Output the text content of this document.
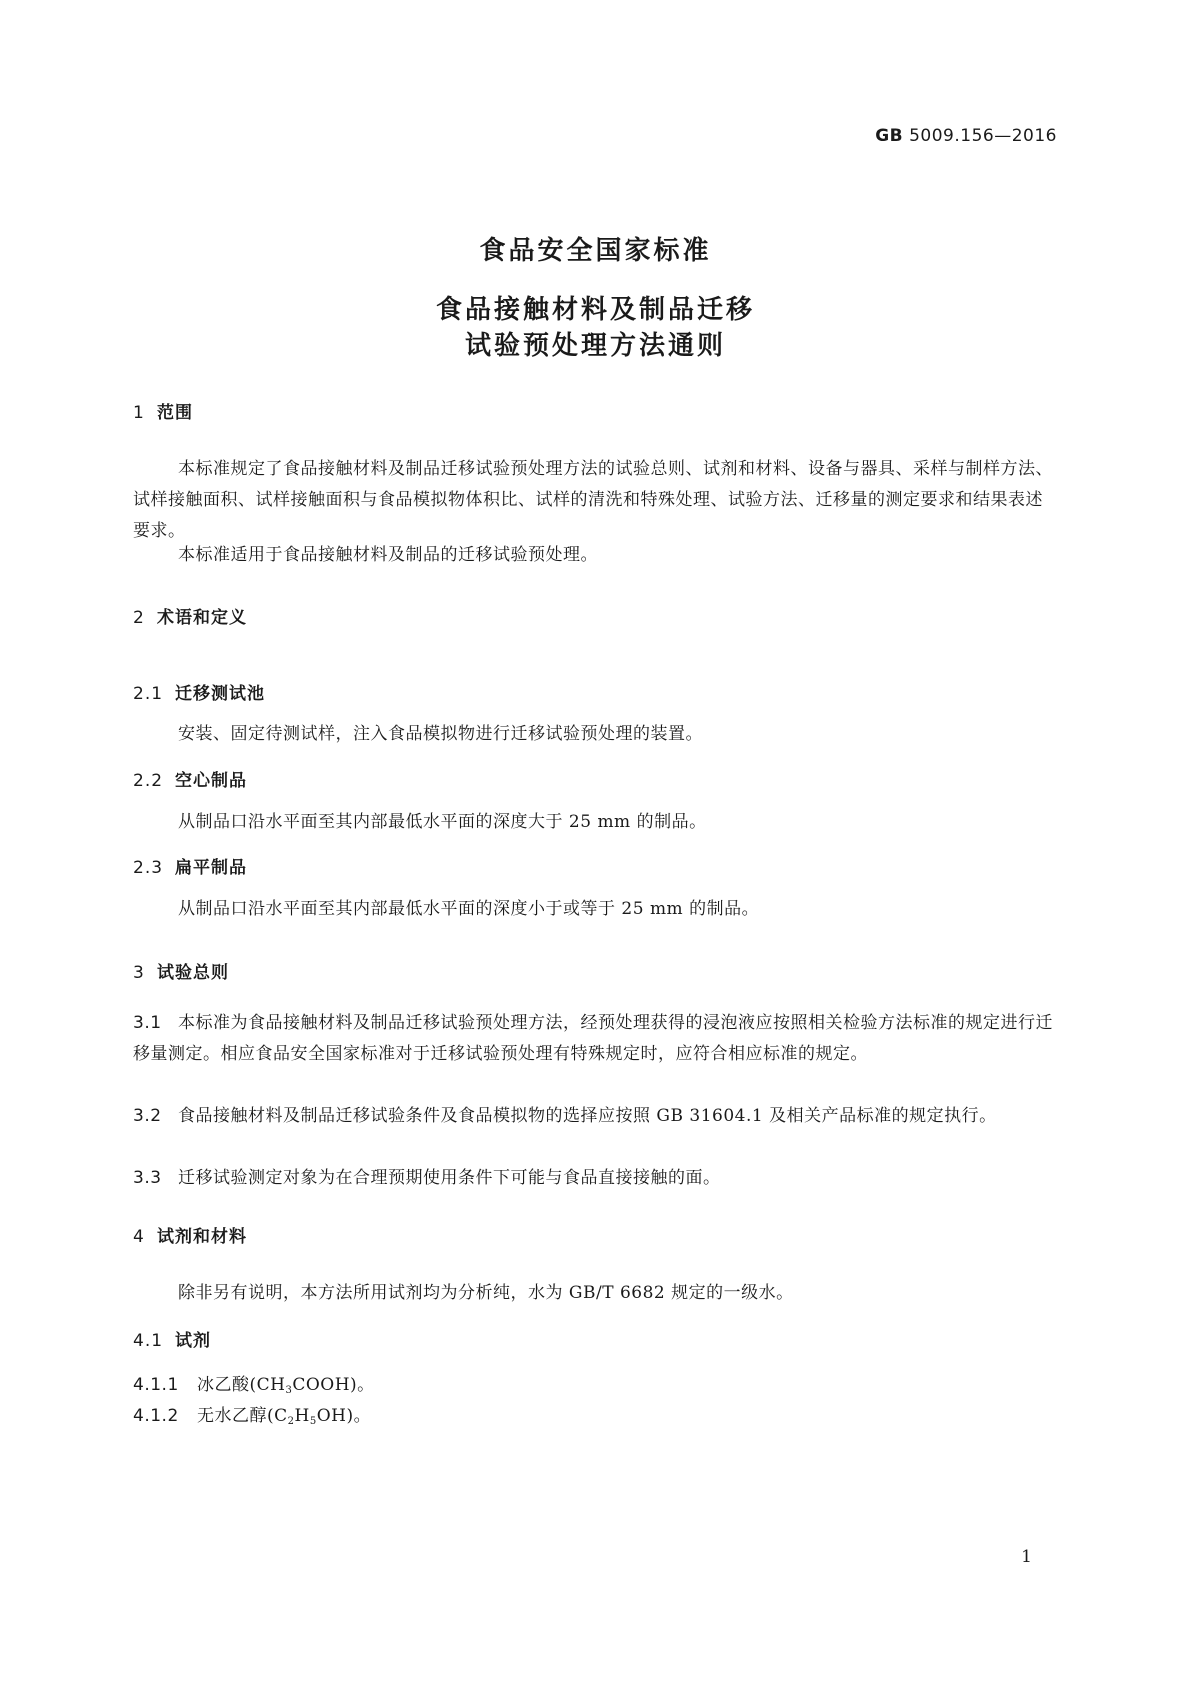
GB 5009.156—2016
食品安全国家标准
食品接触材料及制品迁移
试验预处理方法通则
1 范围
本标准规定了食品接触材料及制品迁移试验预处理方法的试验总则、试剂和材料、设备与器具、采样与制样方法、试样接触面积、试样接触面积与食品模拟物体积比、试样的清洗和特殊处理、试验方法、迁移量的测定要求和结果表述要求。
本标准适用于食品接触材料及制品的迁移试验预处理。
2 术语和定义
2.1 迁移测试池
安装、固定待测试样，注入食品模拟物进行迁移试验预处理的装置。
2.2 空心制品
从制品口沿水平面至其内部最低水平面的深度大于 25 mm 的制品。
2.3 扁平制品
从制品口沿水平面至其内部最低水平面的深度小于或等于 25 mm 的制品。
3 试验总则
3.1 本标准为食品接触材料及制品迁移试验预处理方法，经预处理获得的浸泡液应按照相关检验方法标准的规定进行迁移量测定。相应食品安全国家标准对于迁移试验预处理有特殊规定时，应符合相应标准的规定。
3.2 食品接触材料及制品迁移试验条件及食品模拟物的选择应按照 GB 31604.1 及相关产品标准的规定执行。
3.3 迁移试验测定对象为在合理预期使用条件下可能与食品直接接触的面。
4 试剂和材料
除非另有说明，本方法所用试剂均为分析纯，水为 GB/T 6682 规定的一级水。
4.1 试剂
4.1.1 冰乙酸$(CH_3COOH)$。
4.1.2 无水乙醇$(C_2H_5OH)$。
1
